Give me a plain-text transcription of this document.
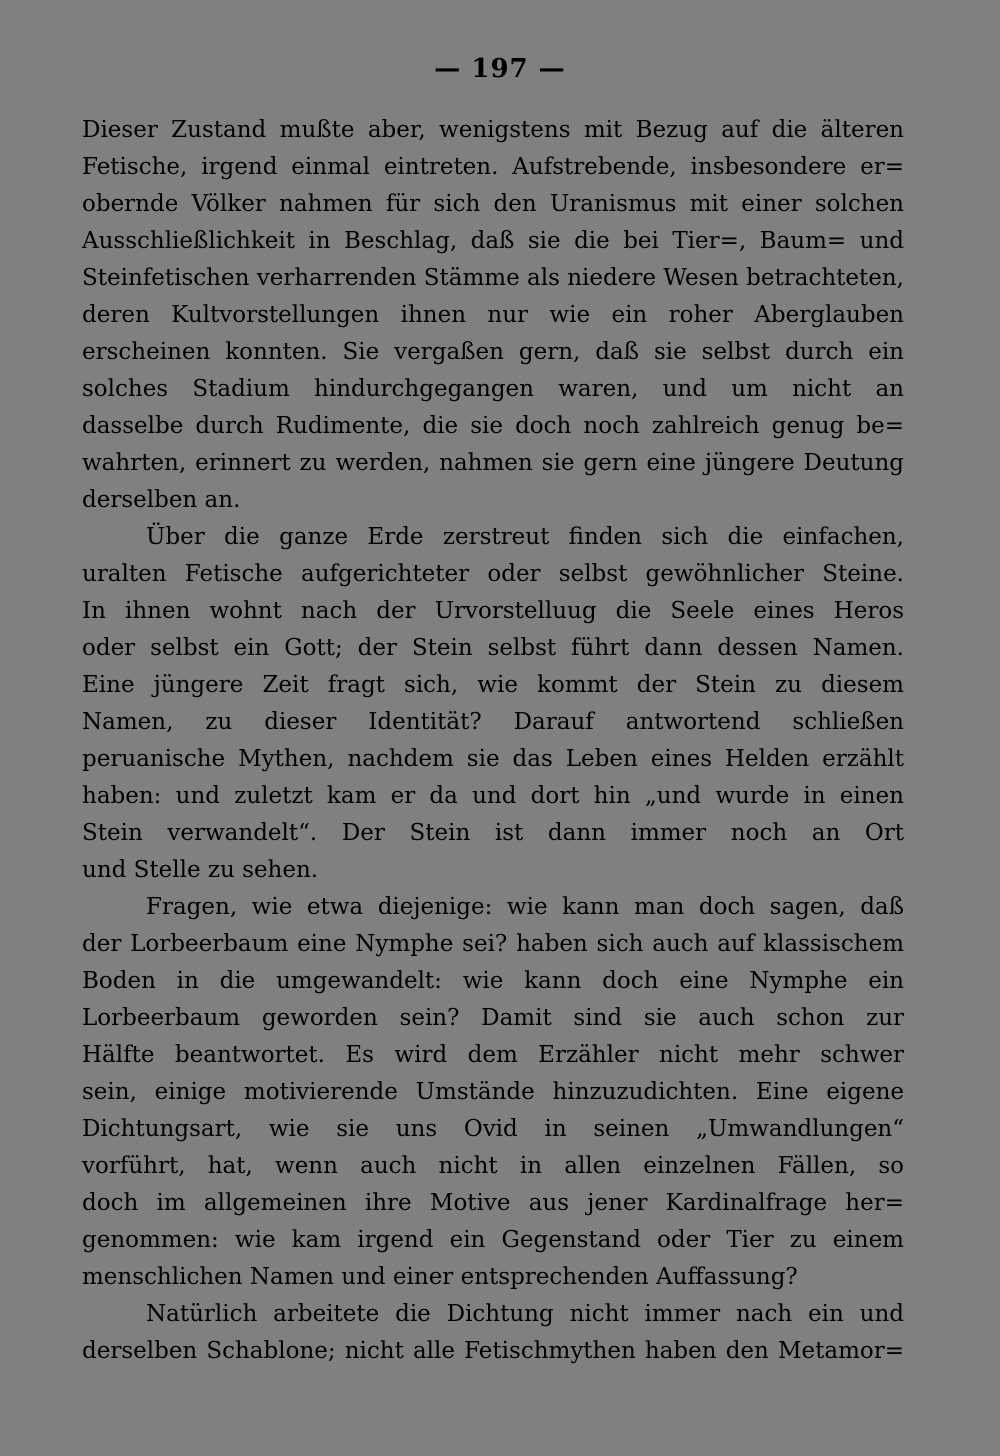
— 197 —
Dieser Zustand mußte aber, wenigstens mit Bezug auf die älteren
Fetische, irgend einmal eintreten. Aufstrebende, insbesondere er=
obernde Völker nahmen für sich den Uranismus mit einer solchen
Ausschließlichkeit in Beschlag, daß sie die bei Tier=, Baum= und
Steinfetischen verharrenden Stämme als niedere Wesen betrachteten,
deren Kultvorstellungen ihnen nur wie ein roher Aberglauben
erscheinen konnten. Sie vergaßen gern, daß sie selbst durch ein
solches Stadium hindurchgegangen waren, und um nicht an
dasselbe durch Rudimente, die sie doch noch zahlreich genug be=
wahrten, erinnert zu werden, nahmen sie gern eine jüngere Deutung
derselben an.
Über die ganze Erde zerstreut finden sich die einfachen,
uralten Fetische aufgerichteter oder selbst gewöhnlicher Steine.
In ihnen wohnt nach der Urvorstelluug die Seele eines Heros
oder selbst ein Gott; der Stein selbst führt dann dessen Namen.
Eine jüngere Zeit fragt sich, wie kommt der Stein zu diesem
Namen, zu dieser Identität? Darauf antwortend schließen
peruanische Mythen, nachdem sie das Leben eines Helden erzählt
haben: und zuletzt kam er da und dort hin „und wurde in einen
Stein verwandelt“. Der Stein ist dann immer noch an Ort
und Stelle zu sehen.
Fragen, wie etwa diejenige: wie kann man doch sagen, daß
der Lorbeerbaum eine Nymphe sei? haben sich auch auf klassischem
Boden in die umgewandelt: wie kann doch eine Nymphe ein
Lorbeerbaum geworden sein? Damit sind sie auch schon zur
Hälfte beantwortet. Es wird dem Erzähler nicht mehr schwer
sein, einige motivierende Umstände hinzuzudichten. Eine eigene
Dichtungsart, wie sie uns Ovid in seinen „Umwandlungen“
vorführt, hat, wenn auch nicht in allen einzelnen Fällen, so
doch im allgemeinen ihre Motive aus jener Kardinalfrage her=
genommen: wie kam irgend ein Gegenstand oder Tier zu einem
menschlichen Namen und einer entsprechenden Auffassung?
Natürlich arbeitete die Dichtung nicht immer nach ein und
derselben Schablone; nicht alle Fetischmythen haben den Metamor=
